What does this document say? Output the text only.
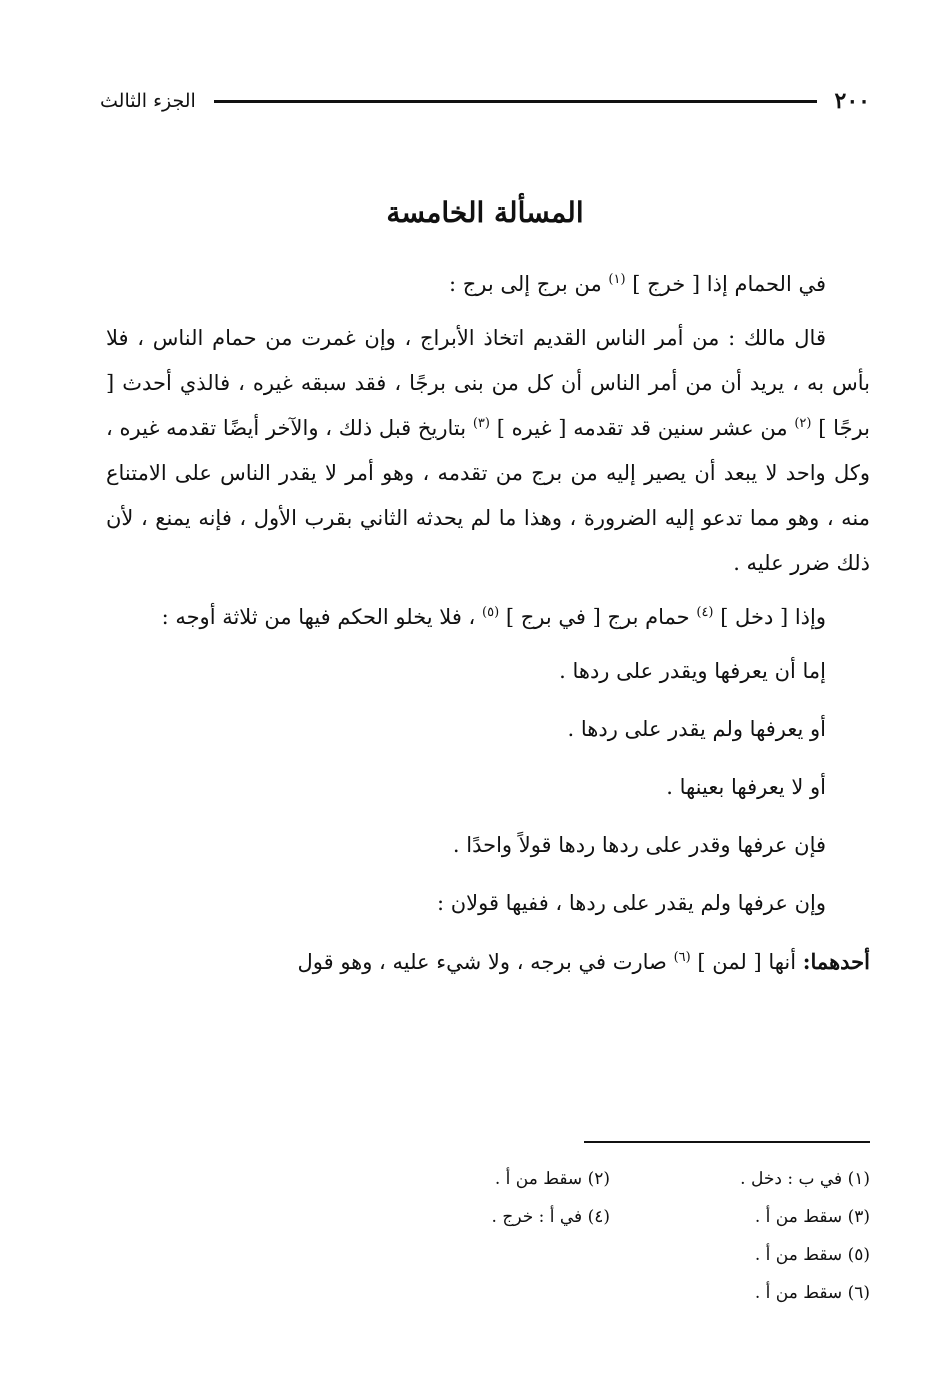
٢٠٠
الجزء الثالث
المسألة الخامسة

في الحمام إذا [ خرج ] $^{(١)}$ من برج إلى برج :

قال مالك : من أمر الناس القديم اتخاذ الأبراج ، وإن غمرت من حمام الناس ، فلا بأس به ، يريد أن من أمر الناس أن كل من بنى برجًا ، فقد سبقه غيره ، فالذي أحدث [ برجًا ] $^{(٢)}$ من عشر سنين قد تقدمه [ غيره ] $^{(٣)}$ بتاريخ قبل ذلك ، والآخر أيضًا تقدمه غيره ، وكل واحد لا يبعد أن يصير إليه من برج من تقدمه ، وهو أمر لا يقدر الناس على الامتناع منه ، وهو مما تدعو إليه الضرورة ، وهذا ما لم يحدثه الثاني بقرب الأول ، فإنه يمنع ، لأن ذلك ضرر عليه .

وإذا [ دخل ] $^{(٤)}$ حمام برج [ في برج ] $^{(٥)}$ ، فلا يخلو الحكم فيها من ثلاثة أوجه :

إما أن يعرفها ويقدر على ردها .

أو يعرفها ولم يقدر على ردها .

أو لا يعرفها بعينها .

فإن عرفها وقدر على ردها ردها قولاً واحدًا .

وإن عرفها ولم يقدر على ردها ، ففيها قولان :

أحدهما: أنها [ لمن ] $^{(٦)}$ صارت في برجه ، ولا شيء عليه ، وهو قول

(١) في ب : دخل .
(٢) سقط من أ .
(٣) سقط من أ .
(٤) في أ : خرج .
(٥) سقط من أ .
(٦) سقط من أ .
